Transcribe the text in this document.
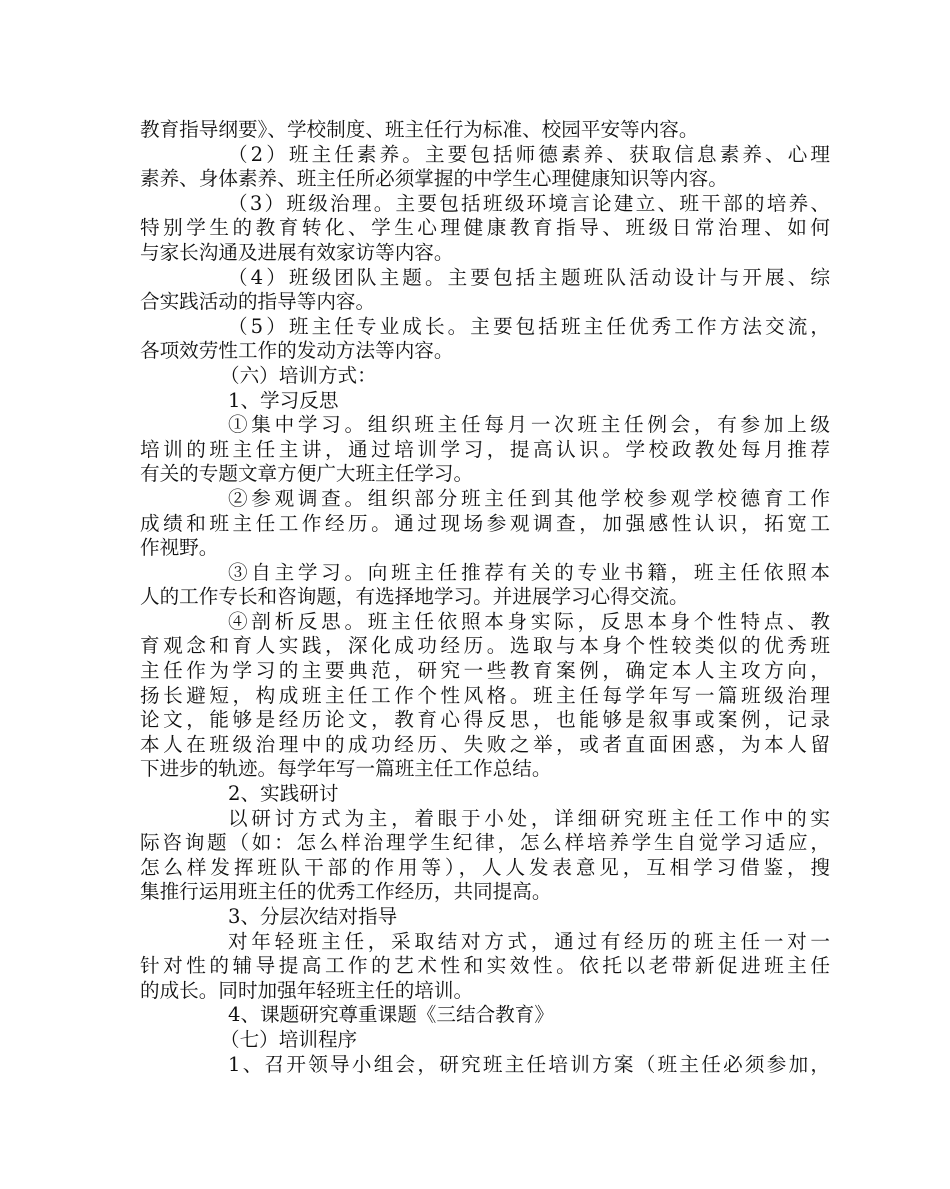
教育指导纲要》、学校制度、班主任行为标准、校园平安等内容。
（2）班主任素养。主要包括师德素养、获取信息素养、心理
素养、身体素养、班主任所必须掌握的中学生心理健康知识等内容。
（3）班级治理。主要包括班级环境言论建立、班干部的培养、
特别学生的教育转化、学生心理健康教育指导、班级日常治理、如何
与家长沟通及进展有效家访等内容。
（4）班级团队主题。主要包括主题班队活动设计与开展、综
合实践活动的指导等内容。
（5）班主任专业成长。主要包括班主任优秀工作方法交流，
各项效劳性工作的发动方法等内容。
（六）培训方式：
1、学习反思
①集中学习。组织班主任每月一次班主任例会，有参加上级
培训的班主任主讲，通过培训学习，提高认识。学校政教处每月推荐
有关的专题文章方便广大班主任学习。
②参观调查。组织部分班主任到其他学校参观学校德育工作
成绩和班主任工作经历。通过现场参观调查，加强感性认识，拓宽工
作视野。
③自主学习。向班主任推荐有关的专业书籍，班主任依照本
人的工作专长和咨询题，有选择地学习。并进展学习心得交流。
④剖析反思。班主任依照本身实际，反思本身个性特点、教
育观念和育人实践，深化成功经历。选取与本身个性较类似的优秀班
主任作为学习的主要典范，研究一些教育案例，确定本人主攻方向，
扬长避短，构成班主任工作个性风格。班主任每学年写一篇班级治理
论文，能够是经历论文，教育心得反思，也能够是叙事或案例，记录
本人在班级治理中的成功经历、失败之举，或者直面困惑，为本人留
下进步的轨迹。每学年写一篇班主任工作总结。
2、实践研讨
以研讨方式为主，着眼于小处，详细研究班主任工作中的实
际咨询题（如：怎么样治理学生纪律，怎么样培养学生自觉学习适应，
怎么样发挥班队干部的作用等），人人发表意见，互相学习借鉴，搜
集推行运用班主任的优秀工作经历，共同提高。
3、分层次结对指导
对年轻班主任，采取结对方式，通过有经历的班主任一对一
针对性的辅导提高工作的艺术性和实效性。依托以老带新促进班主任
的成长。同时加强年轻班主任的培训。
4、课题研究尊重课题《三结合教育》
（七）培训程序
1、召开领导小组会，研究班主任培训方案（班主任必须参加，
